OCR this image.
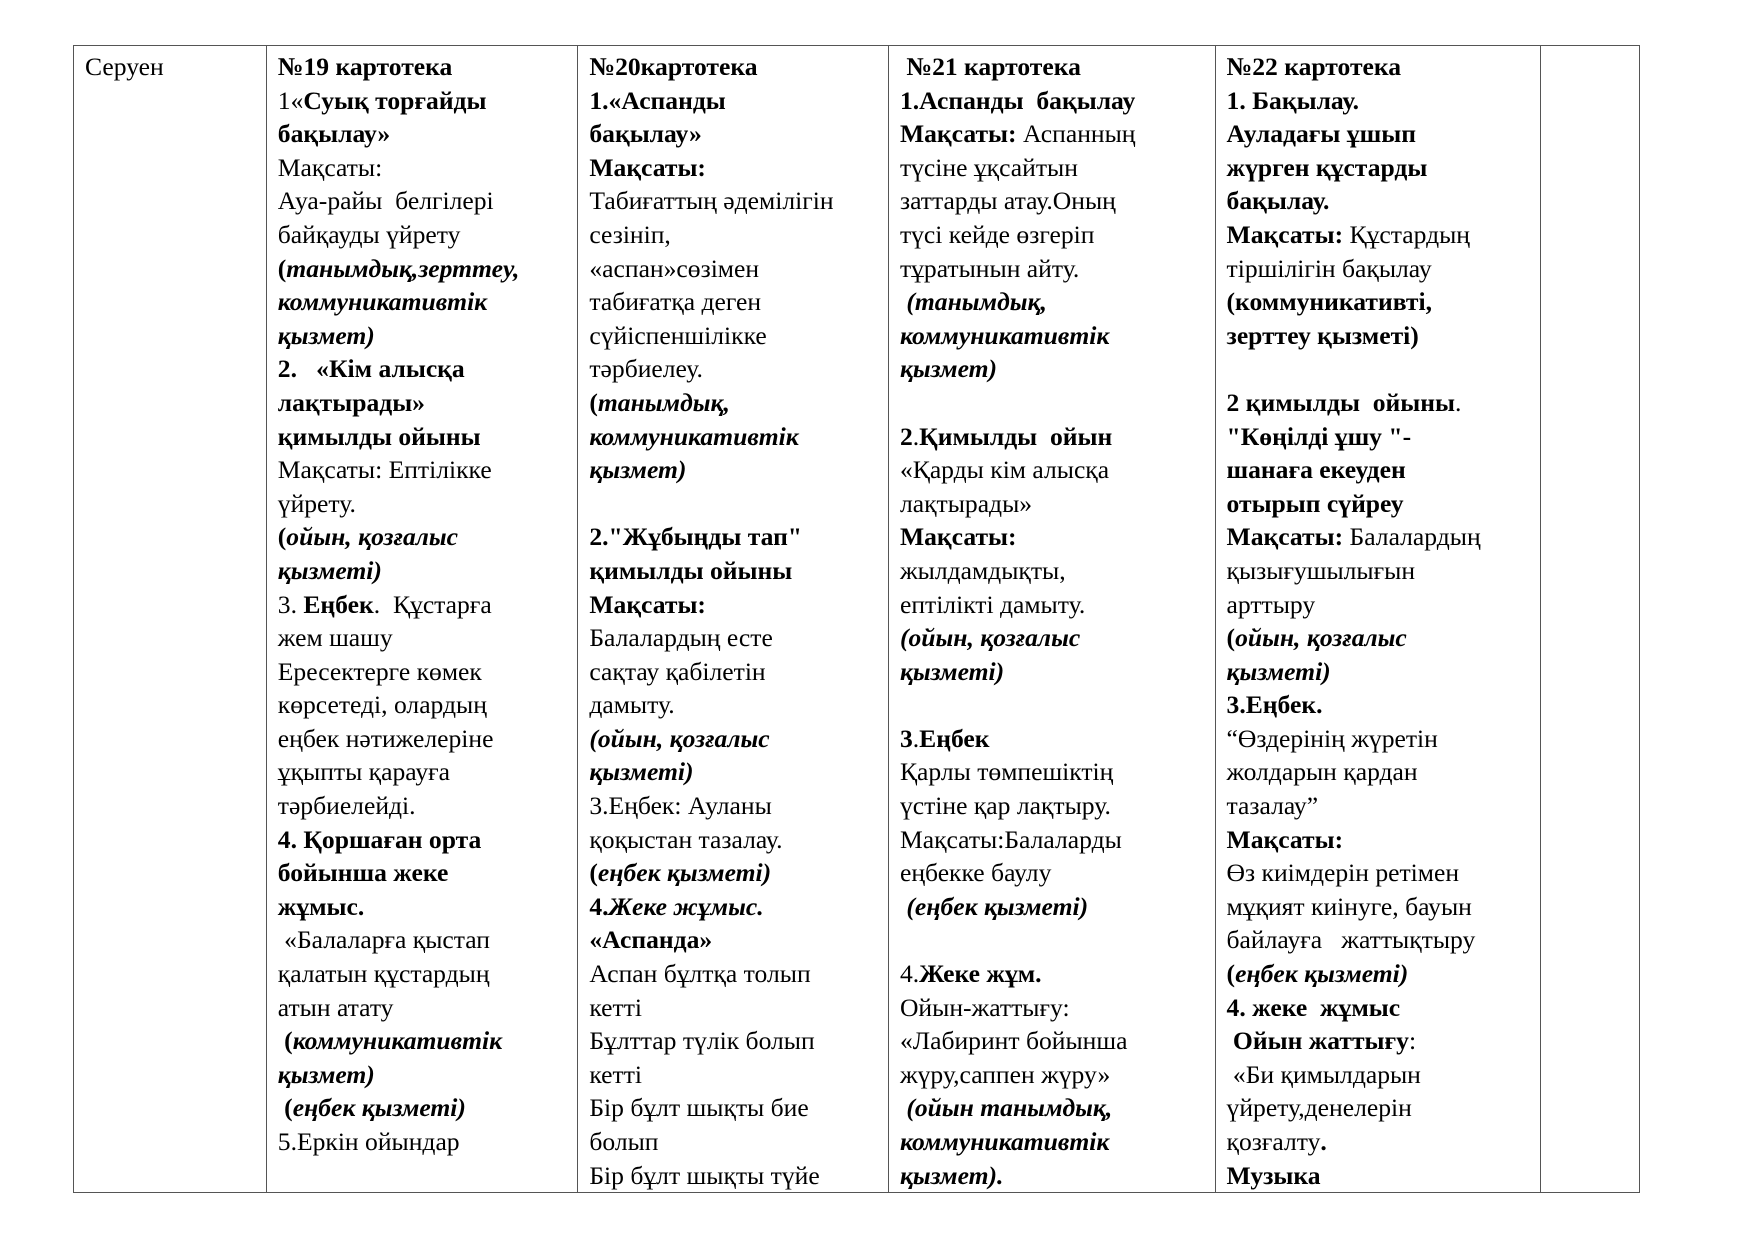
Серуен	№19 картотека
1«Суық торғайды
бақылау»
Мақсаты:
Ауа-райы  белгілері
байқауды үйрету
(танымдық,зерттеу,
коммуникативтік
қызмет)
2.   «Кім алысқа
лақтырады»
қимылды ойыны
Мақсаты: Ептілікке
үйрету.
(ойын, қозғалыс
қызметі)
3. Еңбек.  Құстарға
жем шашу
Ересектерге көмек
көрсетеді, олардың
еңбек нәтижелеріне
ұқыпты қарауға
тәрбиелейді.
4. Қоршаған орта
бойынша жеке
жұмыс.
«Балаларға қыстап
қалатын құстардың
атын атату
(коммуникативтік
қызмет)
(еңбек қызметі)
5.Еркін ойындар
№20картотека
1.«Аспанды
бақылау»
Мақсаты:
Табиғаттың әдемілігін
сезініп,
«аспан»сөзімен
табиғатқа деген
сүйіспеншілікке
тәрбиелеу.
(танымдық,
коммуникативтік
қызмет)
2."Жұбыңды тап"
қимылды ойыны
Мақсаты:
Балалардың есте
сақтау қабілетін
дамыту.
(ойын, қозғалыс
қызметі)
3.Еңбек: Ауланы
қоқыстан тазалау.
(еңбек қызметі)
4.Жеке жұмыс.
«Аспанда»
Аспан бұлтқа толып
кетті
Бұлттар түлік болып
кетті
Бір бұлт шықты бие
болып
Бір бұлт шықты түйе
№21 картотека
1.Аспанды  бақылау
Мақсаты: Аспанның
түсіне ұқсайтын
заттарды атау.Оның
түсі кейде өзгеріп
тұратынын айту.
(танымдық,
коммуникативтік
қызмет)
2.Қимылды  ойын
«Қарды кім алысқа
лақтырады»
Мақсаты:
жылдамдықты,
ептілікті дамыту.
(ойын, қозғалыс
қызметі)
3.Еңбек
Қарлы төмпешіктің
үстіне қар лақтыру.
Мақсаты:Балаларды
еңбекке баулу
(еңбек қызметі)
4.Жеке жұм.
Ойын-жаттығу:
«Лабиринт бойынша
жүру,саппен жүру»
(ойын танымдық,
коммуникативтік
қызмет).
№22 картотека
1. Бақылау.
Ауладағы ұшып
жүрген құстарды
бақылау.
Мақсаты: Құстардың
тіршілігін бақылау
(коммуникативті,
зерттеу қызметі)
2 қимылды  ойыны.
"Көңілді ұшу "-
шанаға екеуден
отырып сүйреу
Мақсаты: Балалардың
қызығушылығын
арттыру
(ойын, қозғалыс
қызметі)
3.Еңбек.
“Өздерінің жүретін
жолдарын қардан
тазалау”
Мақсаты:
Өз киімдерін ретімен
мұқият киінуге, бауын
байлауға   жаттықтыру
(еңбек қызметі)
4. жеке  жұмыс
Ойын жаттығу:
«Би қимылдарын
үйрету,денелерін
қозғалту.
Музыка
